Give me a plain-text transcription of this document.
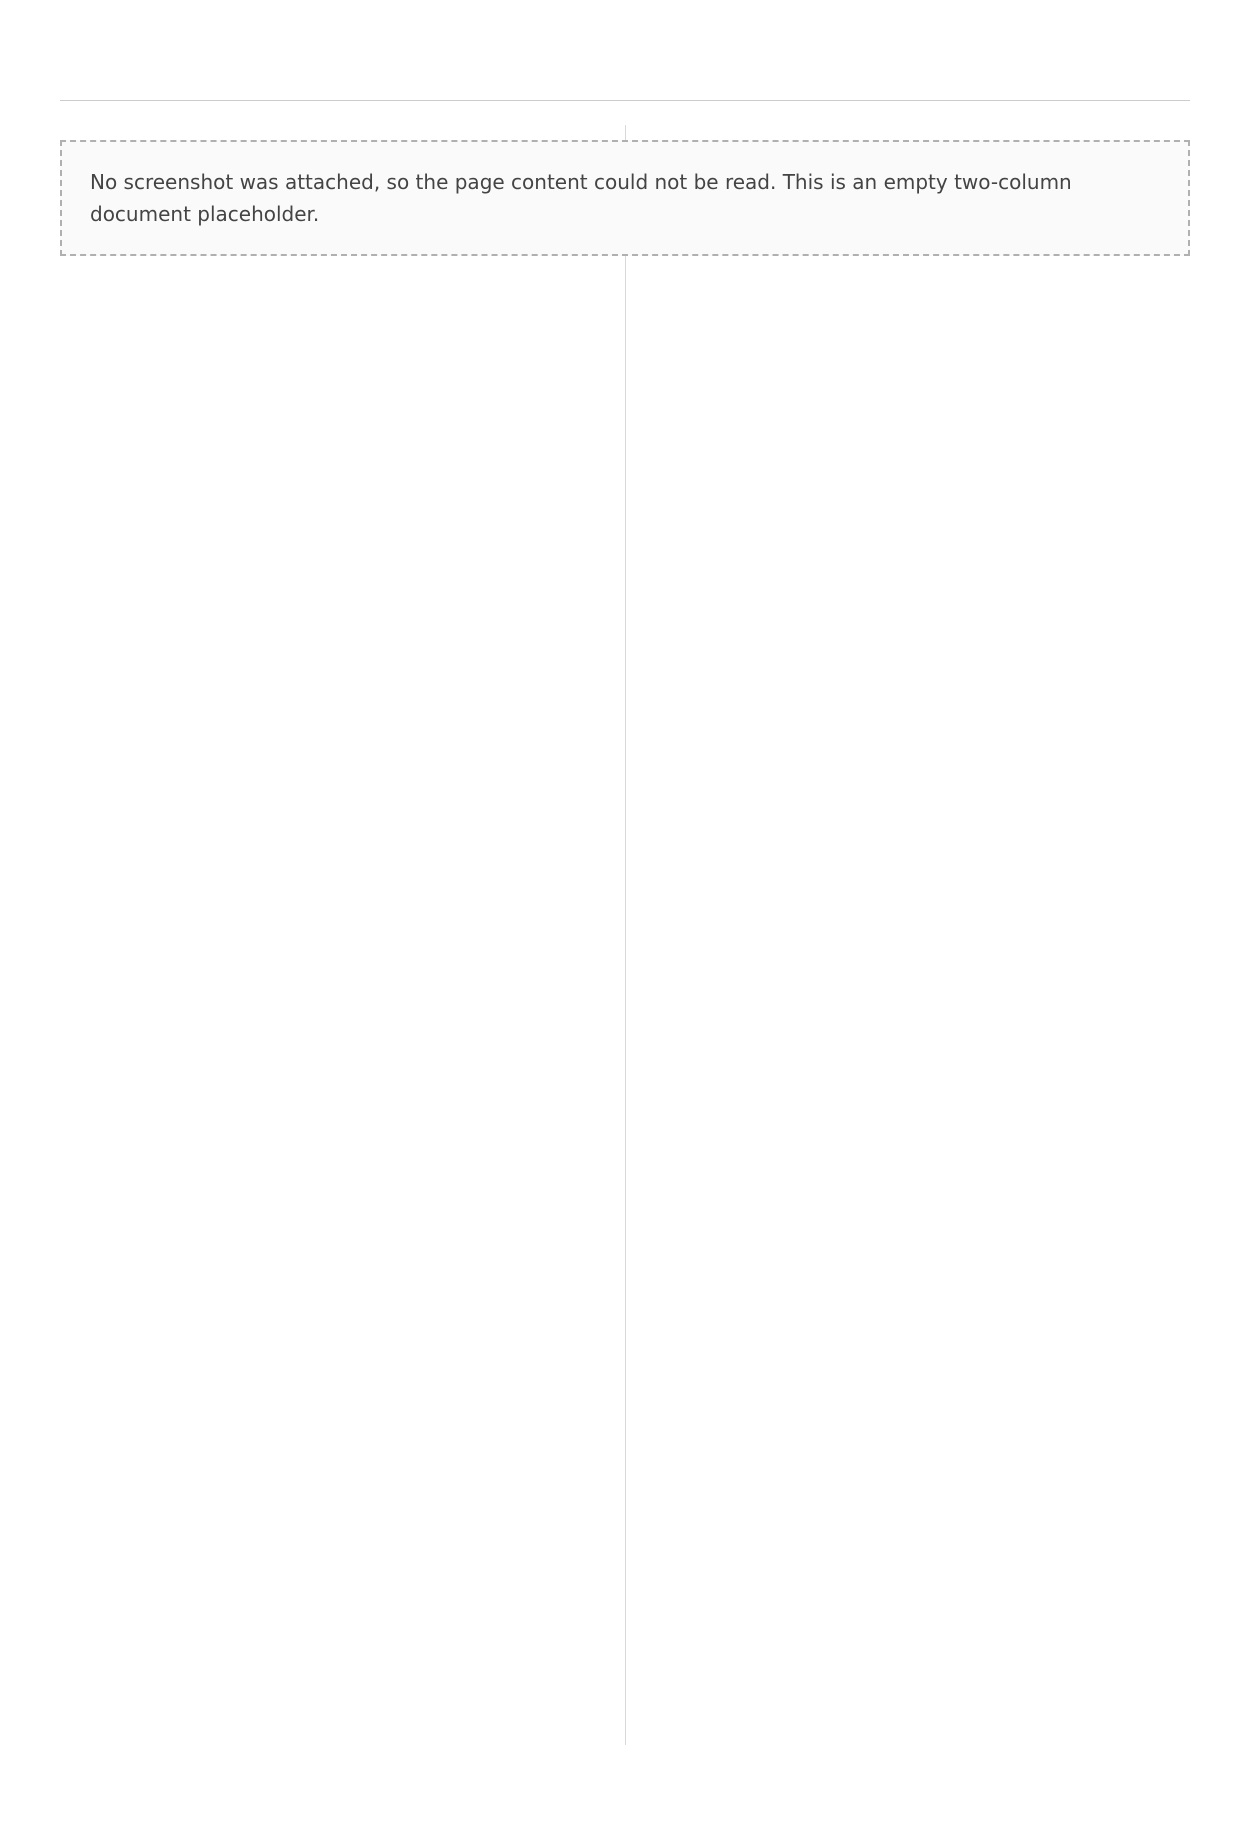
No screenshot was attached, so the page content could not be read. This is an empty two-column document placeholder.
